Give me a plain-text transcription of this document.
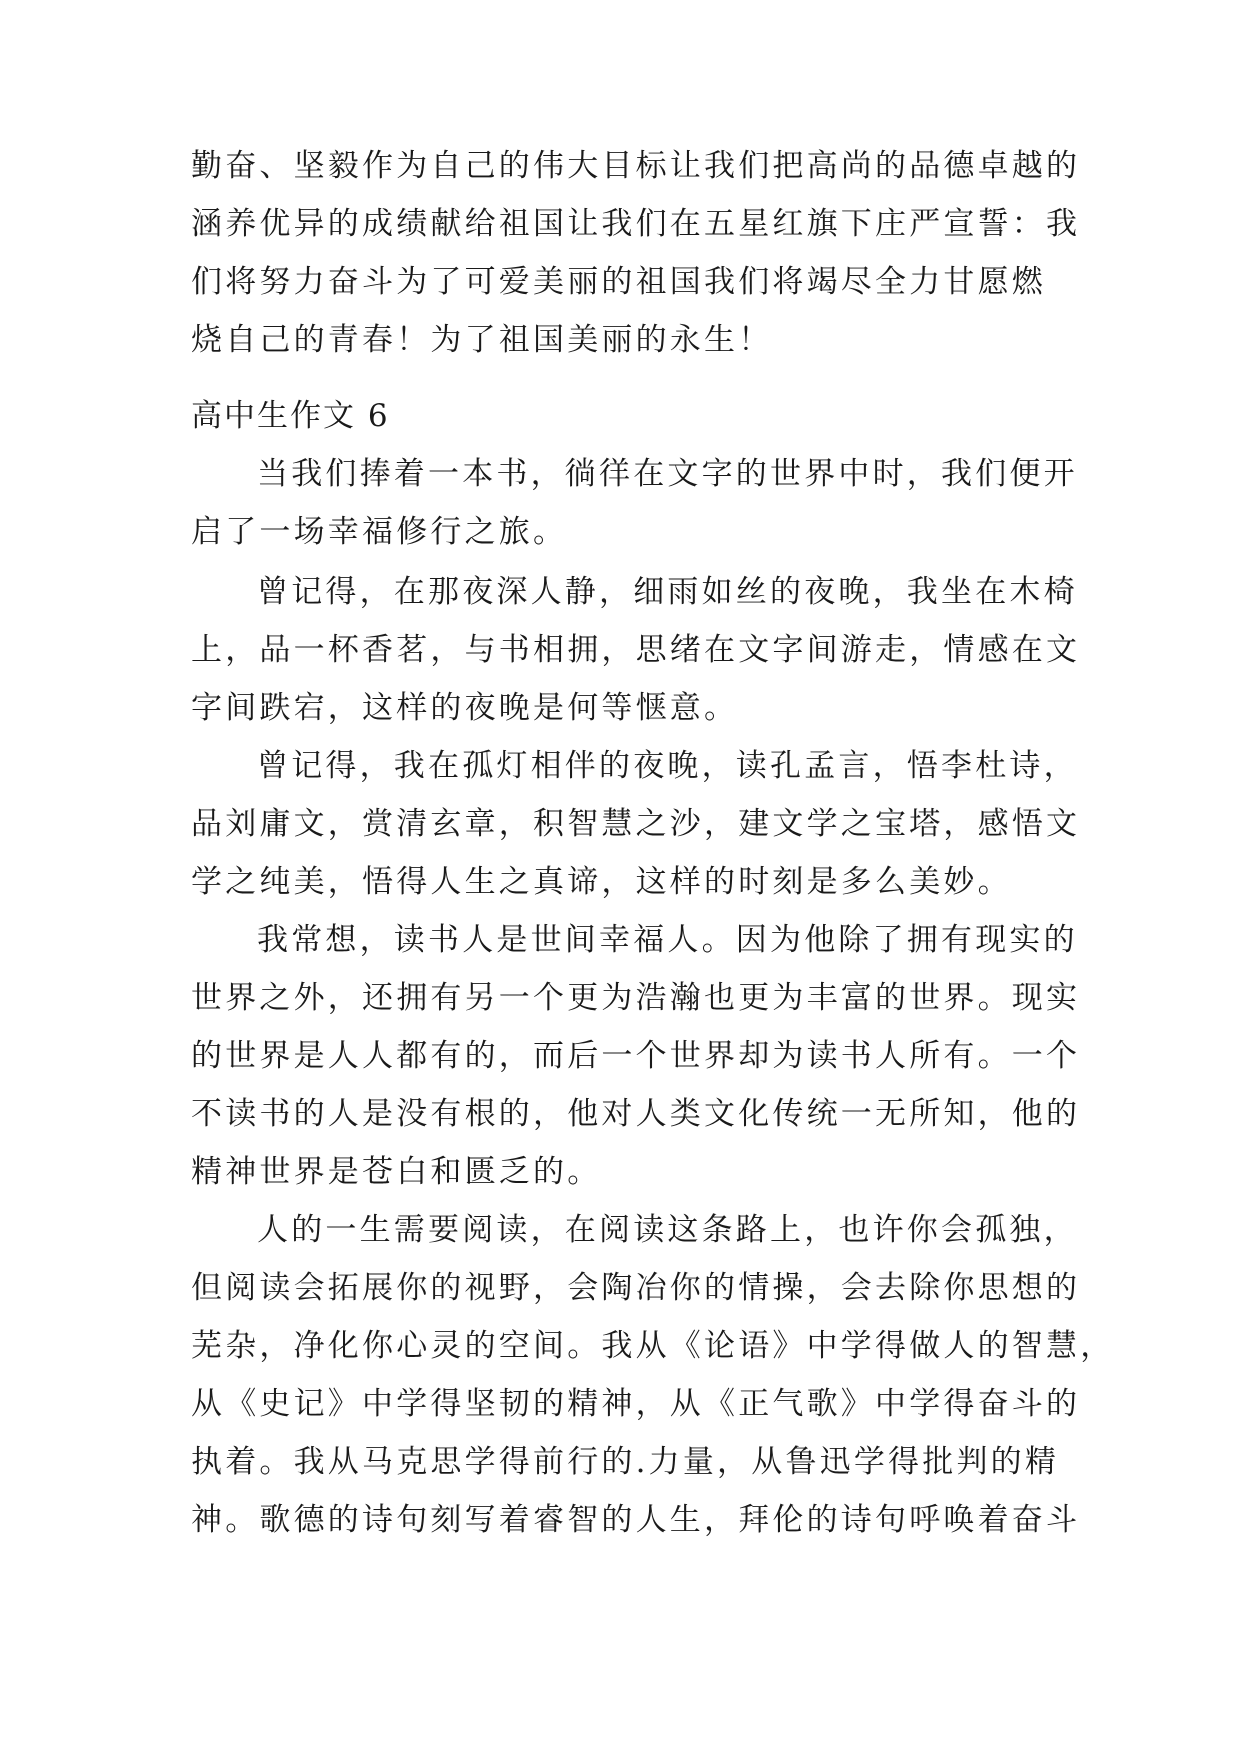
勤奋、坚毅作为自己的伟大目标让我们把高尚的品德卓越的
涵养优异的成绩献给祖国让我们在五星红旗下庄严宣誓：我
们将努力奋斗为了可爱美丽的祖国我们将竭尽全力甘愿燃
烧自己的青春！为了祖国美丽的永生！
高中生作文 6
当我们捧着一本书，徜徉在文字的世界中时，我们便开
启了一场幸福修行之旅。
曾记得，在那夜深人静，细雨如丝的夜晚，我坐在木椅
上，品一杯香茗，与书相拥，思绪在文字间游走，情感在文
字间跌宕，这样的夜晚是何等惬意。
曾记得，我在孤灯相伴的夜晚，读孔孟言，悟李杜诗，
品刘庸文，赏清玄章，积智慧之沙，建文学之宝塔，感悟文
学之纯美，悟得人生之真谛，这样的时刻是多么美妙。
我常想，读书人是世间幸福人。因为他除了拥有现实的
世界之外，还拥有另一个更为浩瀚也更为丰富的世界。现实
的世界是人人都有的，而后一个世界却为读书人所有。一个
不读书的人是没有根的，他对人类文化传统一无所知，他的
精神世界是苍白和匮乏的。
人的一生需要阅读，在阅读这条路上，也许你会孤独，
但阅读会拓展你的视野，会陶冶你的情操，会去除你思想的
芜杂，净化你心灵的空间。我从《论语》中学得做人的智慧，
从《史记》中学得坚韧的精神，从《正气歌》中学得奋斗的
执着。我从马克思学得前行的.力量，从鲁迅学得批判的精
神。歌德的诗句刻写着睿智的人生，拜伦的诗句呼唤着奋斗
